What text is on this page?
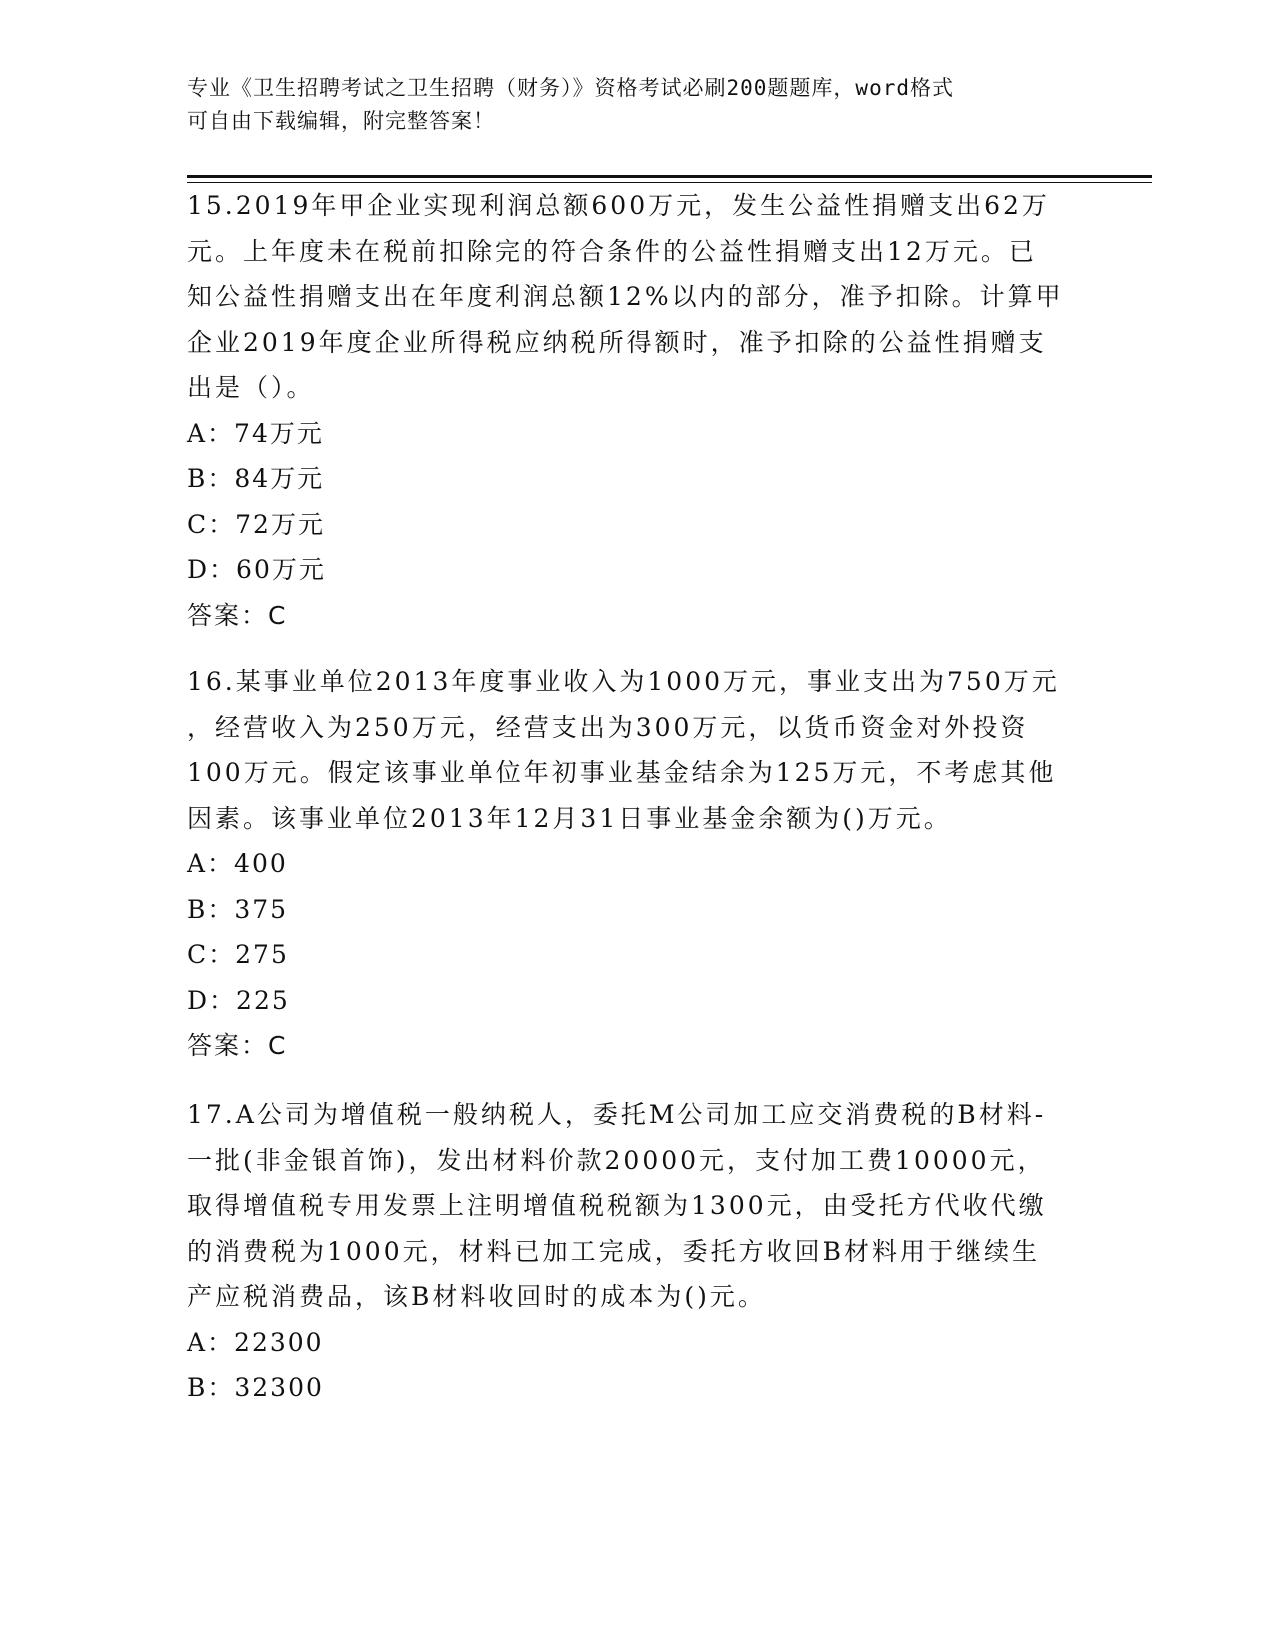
专业《卫生招聘考试之卫生招聘（财务）》资格考试必刷200题题库，word格式
可自由下载编辑，附完整答案！

15.2019年甲企业实现利润总额600万元，发生公益性捐赠支出62万

元。上年度未在税前扣除完的符合条件的公益性捐赠支出12万元。已

知公益性捐赠支出在年度利润总额12%以内的部分，准予扣除。计算甲

企业2019年度企业所得税应纳税所得额时，准予扣除的公益性捐赠支

出是（）。

A：74万元

B：84万元

C：72万元

D：60万元

答案：C

16.某事业单位2013年度事业收入为1000万元，事业支出为750万元

，经营收入为250万元，经营支出为300万元，以货币资金对外投资

100万元。假定该事业单位年初事业基金结余为125万元，不考虑其他

因素。该事业单位2013年12月31日事业基金余额为()万元。

A：400

B：375

C：275

D：225

答案：C

17.A公司为增值税一般纳税人，委托M公司加工应交消费税的B材料-

一批(非金银首饰)，发出材料价款20000元，支付加工费10000元，

取得增值税专用发票上注明增值税税额为1300元，由受托方代收代缴

的消费税为1000元，材料已加工完成，委托方收回B材料用于继续生

产应税消费品，该B材料收回时的成本为()元。

A：22300

B：32300
